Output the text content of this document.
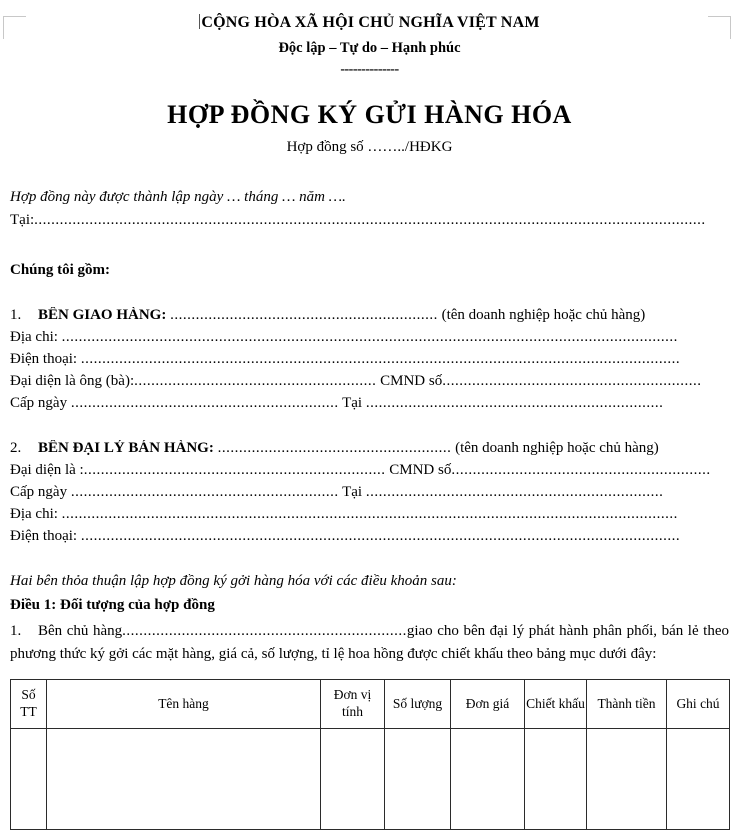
CỘNG HÒA XÃ HỘI CHỦ NGHĨA VIỆT NAM
Độc lập – Tự do – Hạnh phúc
--------------
HỢP ĐỒNG KÝ GỬI HÀNG HÓA
Hợp đồng số ……../HĐKG
Hợp đồng này được thành lập ngày … tháng … năm ….
Tại:..............................................................................................................................................................
Chúng tôi gồm:
1. BÊN GIAO HÀNG: ............................................................... (tên doanh nghiệp hoặc chủ hàng)
Địa chi: .................................................................................................................................................
Điện thoại: .............................................................................................................................................
Đại diện là ông (bà):......................................................... CMND số.............................................................
Cấp ngày ............................................................... Tại ......................................................................
2. BÊN ĐẠI LÝ BÁN HÀNG: ....................................................... (tên doanh nghiệp hoặc chủ hàng)
Đại diện là :....................................................................... CMND số.............................................................
Cấp ngày ............................................................... Tại ......................................................................
Địa chi: .................................................................................................................................................
Điện thoại: .............................................................................................................................................
Hai bên thỏa thuận lập hợp đồng ký gởi hàng hóa với các điều khoản sau:
Điều 1: Đối tượng của hợp đồng
1. Bên chủ hàng...................................................................giao cho bên đại lý phát hành phân phối, bán lẻ theo phương thức ký gởi các mặt hàng, giá cả, số lượng, tỉ lệ hoa hồng được chiết khấu theo bảng mục dưới đây:
Số TT	Tên hàng	Đơn vị tính	Số lượng	Đơn giá	Chiết khấu	Thành tiền	Ghi chú
